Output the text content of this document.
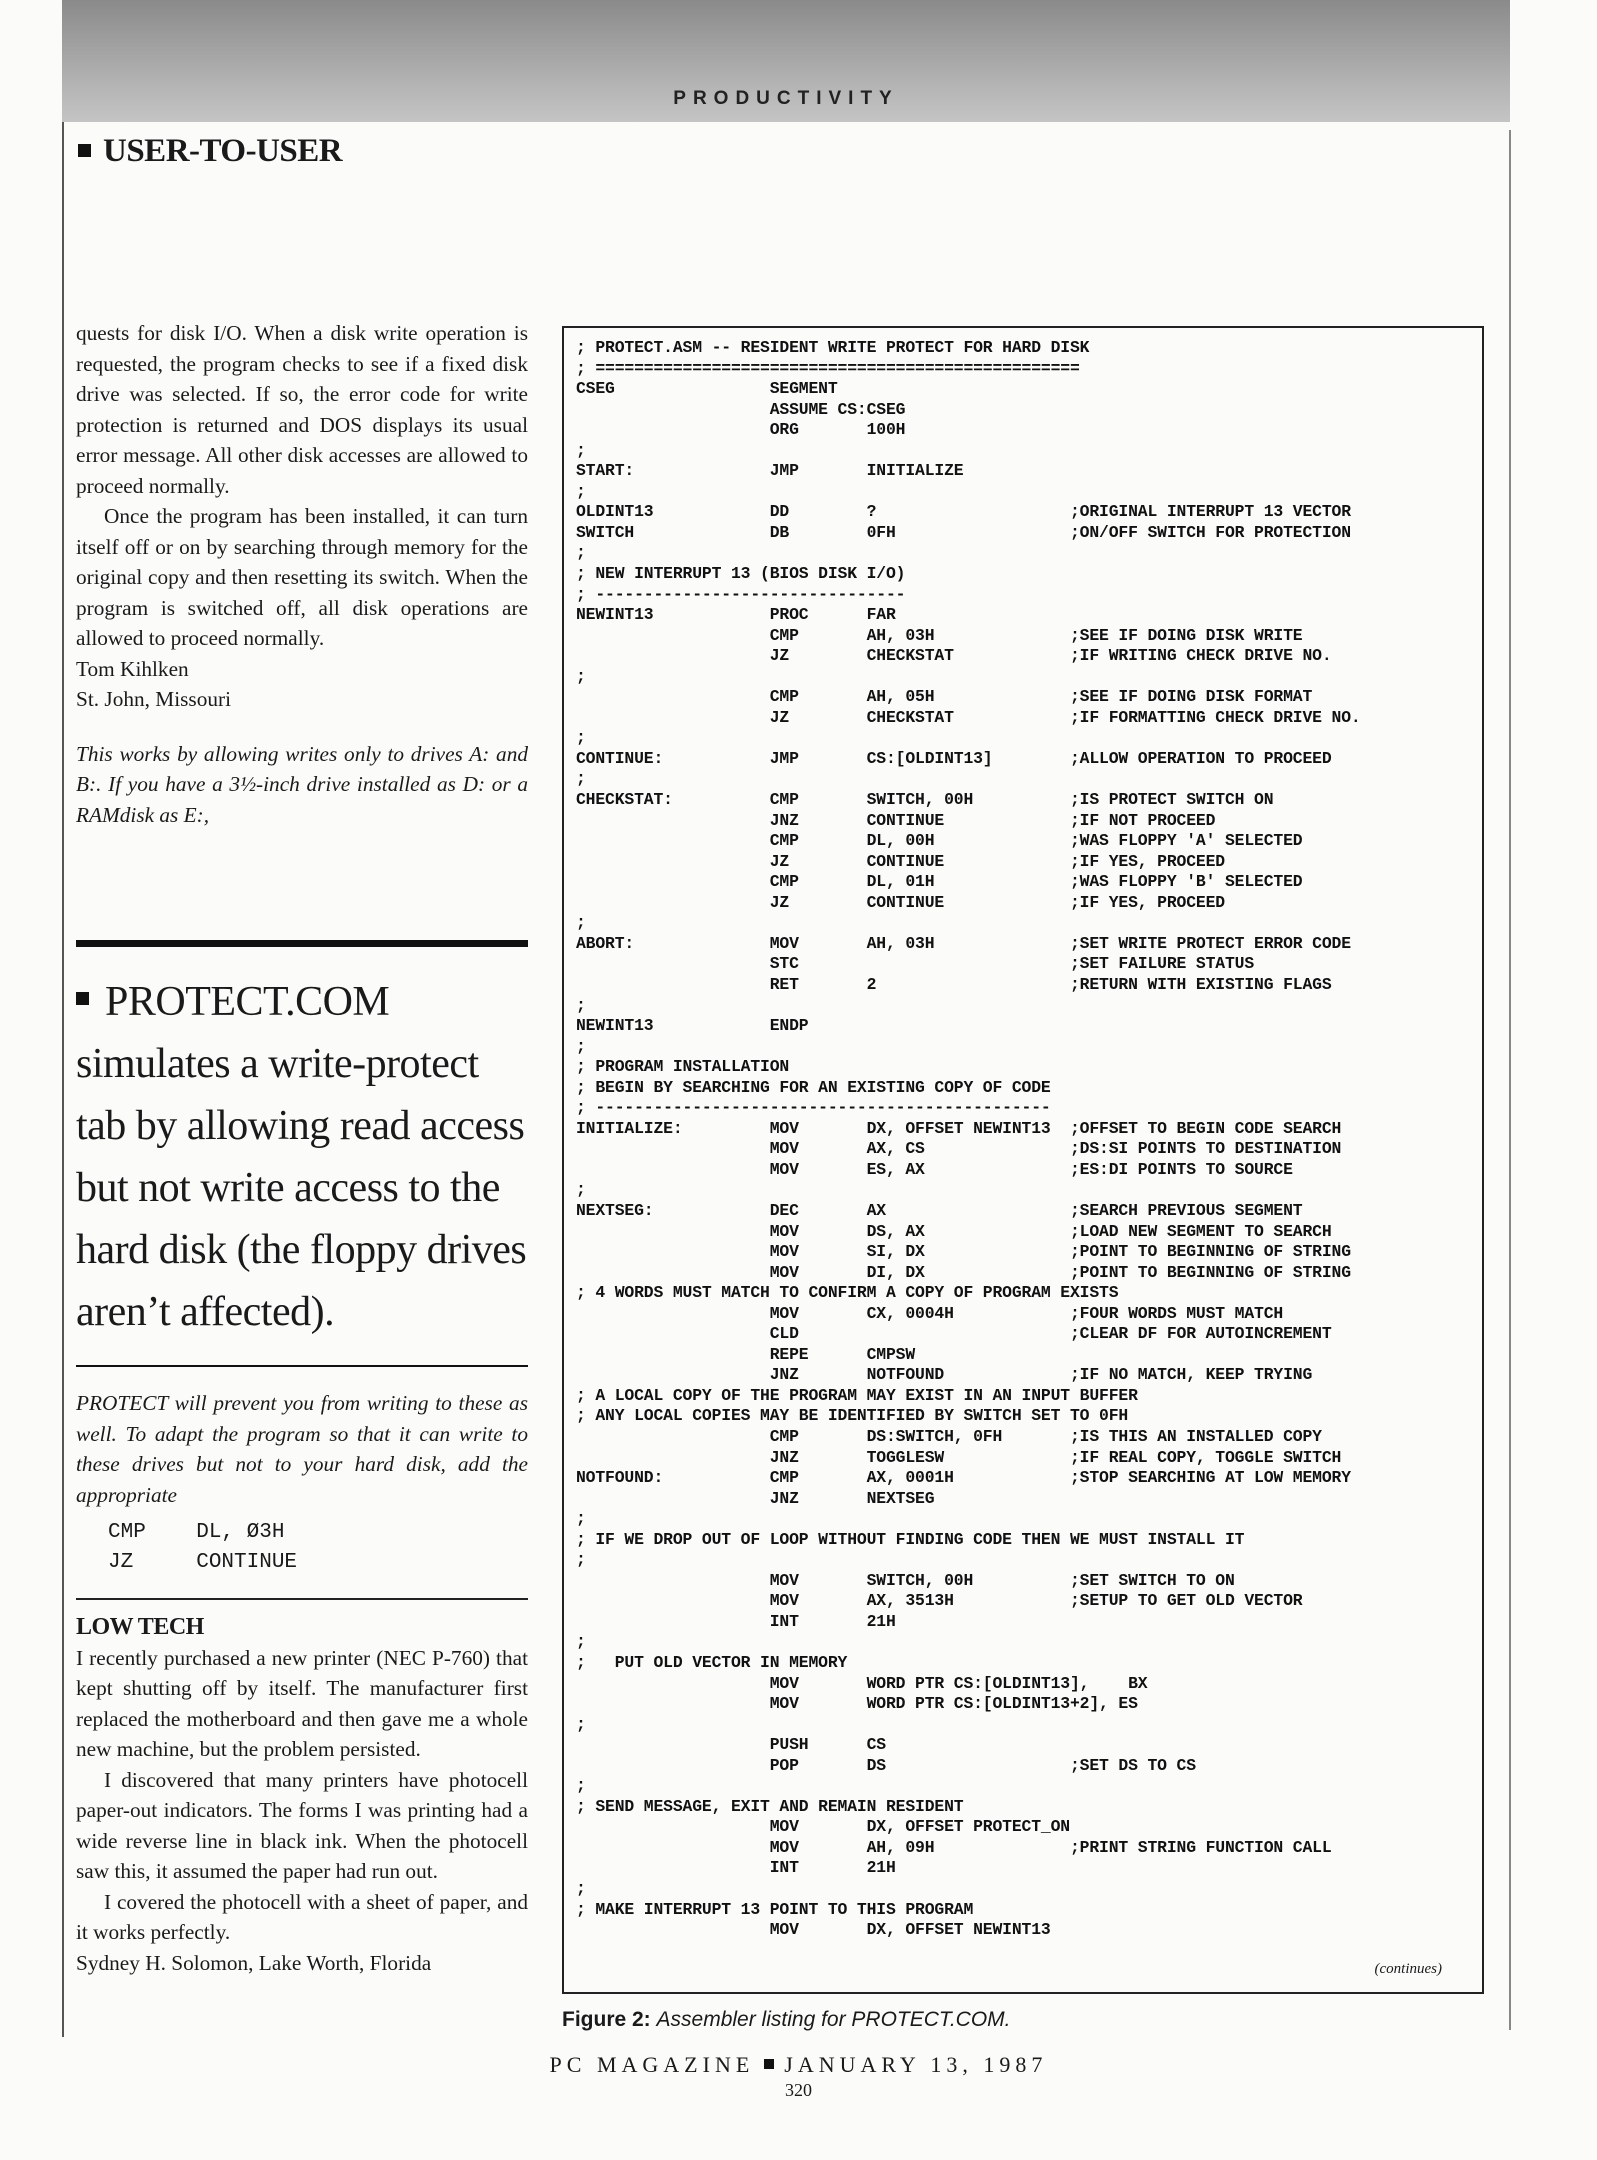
PRODUCTIVITY
USER-TO-USER

quests for disk I/O. When a disk write operation is requested, the program checks to see if a fixed disk drive was selected. If so, the error code for write protection is returned and DOS displays its usual error message. All other disk accesses are allowed to proceed normally.

Once the program has been installed, it can turn itself off or on by searching through memory for the original copy and then resetting its switch. When the program is switched off, all disk operations are allowed to proceed normally.

Tom Kihlken

St. John, Missouri

This works by allowing writes only to drives A: and B:. If you have a 3½-inch drive installed as D: or a RAMdisk as E:,

PROTECT.COM simulates a write-protect tab by allowing read access but not write access to the hard disk (the floppy drives aren’t affected).

PROTECT will prevent you from writing to these as well. To adapt the program so that it can write to these drives but not to your hard disk, add the appropriate

CMP    DL, Ø3H
JZ     CONTINUE
LOW TECH

I recently purchased a new printer (NEC P-760) that kept shutting off by itself. The manufacturer first replaced the motherboard and then gave me a whole new machine, but the problem persisted.

I discovered that many printers have photocell paper-out indicators. The forms I was printing had a wide reverse line in black ink. When the photocell saw this, it assumed the paper had run out.

I covered the photocell with a sheet of paper, and it works perfectly.

Sydney H. Solomon, Lake Worth, Florida

; PROTECT.ASM -- RESIDENT WRITE PROTECT FOR HARD DISK
; ==================================================
CSEG                SEGMENT
ASSUME CS:CSEG
ORG       100H
;
START:              JMP       INITIALIZE
;
OLDINT13            DD        ?                    ;ORIGINAL INTERRUPT 13 VECTOR
SWITCH              DB        0FH                  ;ON/OFF SWITCH FOR PROTECTION
;
; NEW INTERRUPT 13 (BIOS DISK I/O)
; --------------------------------
NEWINT13            PROC      FAR
CMP       AH, 03H              ;SEE IF DOING DISK WRITE
JZ        CHECKSTAT            ;IF WRITING CHECK DRIVE NO.
;
CMP       AH, 05H              ;SEE IF DOING DISK FORMAT
JZ        CHECKSTAT            ;IF FORMATTING CHECK DRIVE NO.
;
CONTINUE:           JMP       CS:[OLDINT13]        ;ALLOW OPERATION TO PROCEED
;
CHECKSTAT:          CMP       SWITCH, 00H          ;IS PROTECT SWITCH ON
JNZ       CONTINUE             ;IF NOT PROCEED
CMP       DL, 00H              ;WAS FLOPPY 'A' SELECTED
JZ        CONTINUE             ;IF YES, PROCEED
CMP       DL, 01H              ;WAS FLOPPY 'B' SELECTED
JZ        CONTINUE             ;IF YES, PROCEED
;
ABORT:              MOV       AH, 03H              ;SET WRITE PROTECT ERROR CODE
STC                            ;SET FAILURE STATUS
RET       2                    ;RETURN WITH EXISTING FLAGS
;
NEWINT13            ENDP
;
; PROGRAM INSTALLATION
; BEGIN BY SEARCHING FOR AN EXISTING COPY OF CODE
; -----------------------------------------------
INITIALIZE:         MOV       DX, OFFSET NEWINT13  ;OFFSET TO BEGIN CODE SEARCH
MOV       AX, CS               ;DS:SI POINTS TO DESTINATION
MOV       ES, AX               ;ES:DI POINTS TO SOURCE
;
NEXTSEG:            DEC       AX                   ;SEARCH PREVIOUS SEGMENT
MOV       DS, AX               ;LOAD NEW SEGMENT TO SEARCH
MOV       SI, DX               ;POINT TO BEGINNING OF STRING
MOV       DI, DX               ;POINT TO BEGINNING OF STRING
; 4 WORDS MUST MATCH TO CONFIRM A COPY OF PROGRAM EXISTS
MOV       CX, 0004H            ;FOUR WORDS MUST MATCH
CLD                            ;CLEAR DF FOR AUTOINCREMENT
REPE      CMPSW
JNZ       NOTFOUND             ;IF NO MATCH, KEEP TRYING
; A LOCAL COPY OF THE PROGRAM MAY EXIST IN AN INPUT BUFFER
; ANY LOCAL COPIES MAY BE IDENTIFIED BY SWITCH SET TO 0FH
CMP       DS:SWITCH, 0FH       ;IS THIS AN INSTALLED COPY
JNZ       TOGGLESW             ;IF REAL COPY, TOGGLE SWITCH
NOTFOUND:           CMP       AX, 0001H            ;STOP SEARCHING AT LOW MEMORY
JNZ       NEXTSEG
;
; IF WE DROP OUT OF LOOP WITHOUT FINDING CODE THEN WE MUST INSTALL IT
;
MOV       SWITCH, 00H          ;SET SWITCH TO ON
MOV       AX, 3513H            ;SETUP TO GET OLD VECTOR
INT       21H
;
;   PUT OLD VECTOR IN MEMORY
MOV       WORD PTR CS:[OLDINT13],    BX
MOV       WORD PTR CS:[OLDINT13+2], ES
;
PUSH      CS
POP       DS                   ;SET DS TO CS
;
; SEND MESSAGE, EXIT AND REMAIN RESIDENT
MOV       DX, OFFSET PROTECT_ON
MOV       AH, 09H              ;PRINT STRING FUNCTION CALL
INT       21H
;
; MAKE INTERRUPT 13 POINT TO THIS PROGRAM
MOV       DX, OFFSET NEWINT13
(continues)
Figure 2: Assembler listing for PROTECT.COM.
PC MAGAZINE JANUARY 13, 1987
320
